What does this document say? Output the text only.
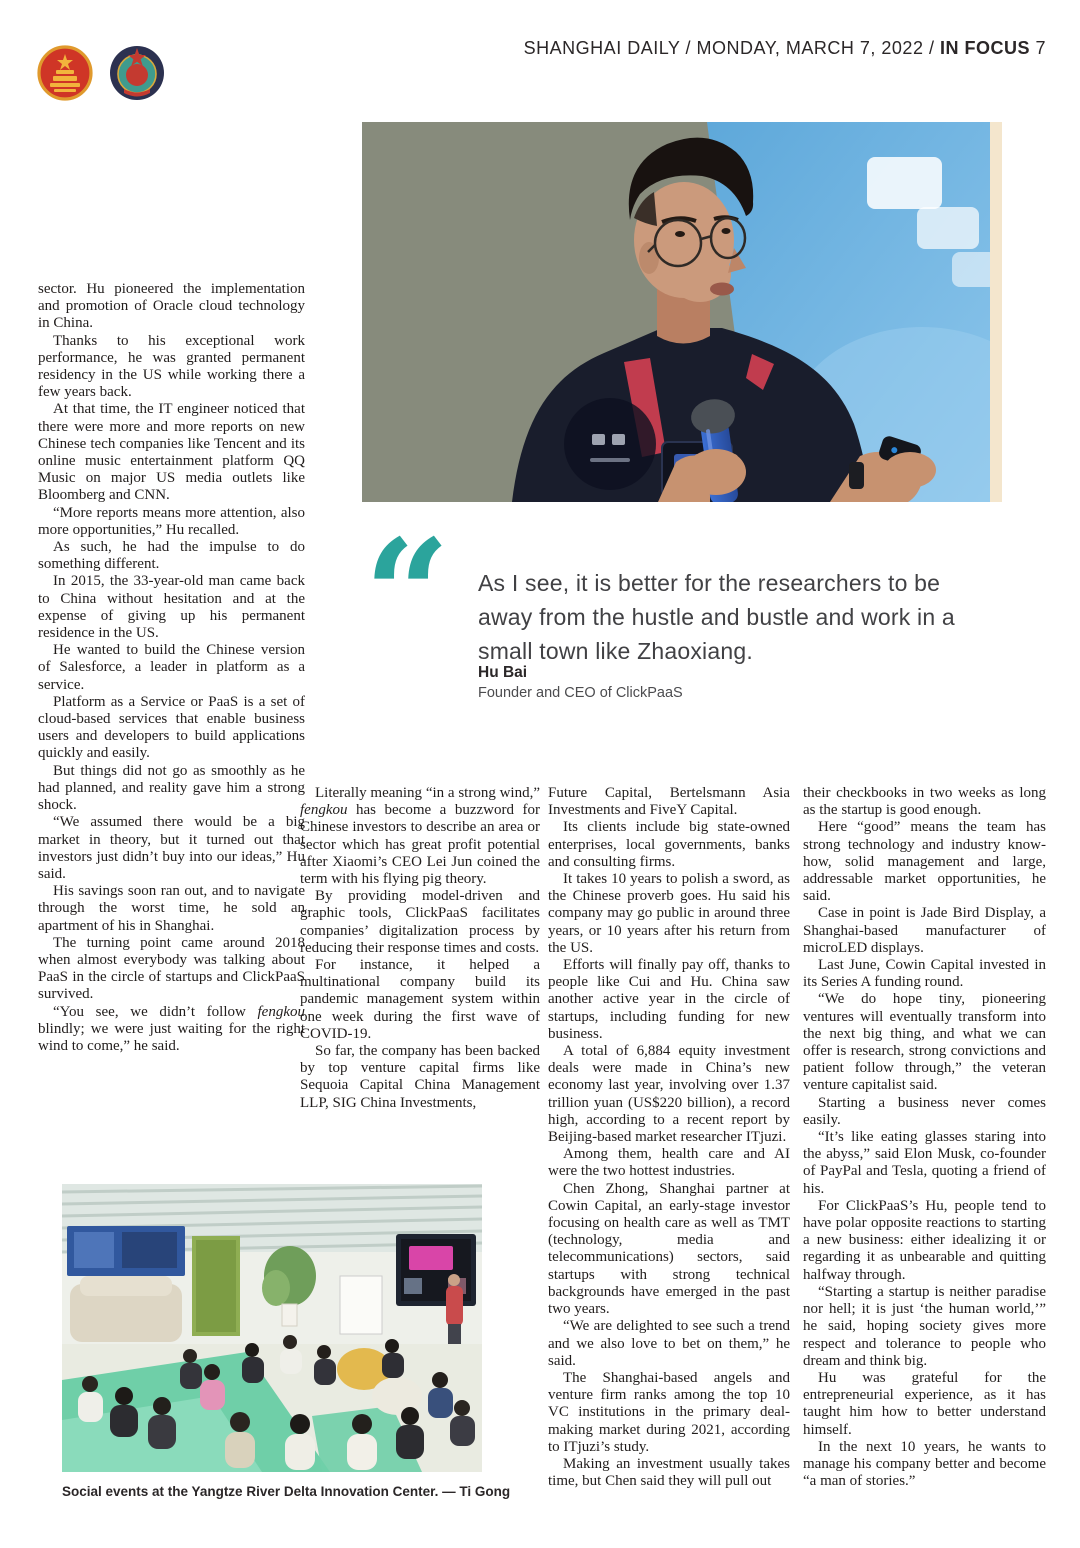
SHANGHAI DAILY / MONDAY, MARCH 7, 2022 / IN FOCUS 7
“ As I see, it is better for the researchers to be away from the hustle and bustle and work in a small town like Zhaoxiang.
Hu Bai
Founder and CEO of ClickPaaS

sector. Hu pioneered the implementation and promotion of Oracle cloud technology in China.

Thanks to his exceptional work performance, he was granted permanent residency in the US while working there a few years back.

At that time, the IT engineer noticed that there were more and more reports on new Chinese tech companies like Tencent and its online music entertainment platform QQ Music on major US media outlets like Bloomberg and CNN.

“More reports means more attention, also more opportunities,” Hu recalled.

As such, he had the impulse to do something different.

In 2015, the 33-year-old man came back to China without hesitation and at the expense of giving up his permanent residence in the US.

He wanted to build the Chinese version of Salesforce, a leader in platform as a service.

Platform as a Service or PaaS is a set of cloud-based services that enable business users and developers to build applications quickly and easily.

But things did not go as smoothly as he had planned, and reality gave him a strong shock.

“We assumed there would be a big market in theory, but it turned out that investors just didn’t buy into our ideas,” Hu said.

His savings soon ran out, and to navigate through the worst time, he sold an apartment of his in Shanghai.

The turning point came around 2018 when almost everybody was talking about PaaS in the circle of startups and ClickPaaS survived.

“You see, we didn’t follow fengkou blindly; we were just waiting for the right wind to come,” he said.

Literally meaning “in a strong wind,” fengkou has become a buzzword for Chinese investors to describe an area or sector which has great profit potential after Xiaomi’s CEO Lei Jun coined the term with his flying pig theory.

By providing model-driven and graphic tools, ClickPaaS facilitates companies’ digitalization process by reducing their response times and costs.

For instance, it helped a multinational company build its pandemic management system within one week during the first wave of COVID-19.

So far, the company has been backed by top venture capital firms like Sequoia Capital China Management LLP, SIG China Investments,

Future Capital, Bertelsmann Asia Investments and FiveY Capital.

Its clients include big state-owned enterprises, local governments, banks and consulting firms.

It takes 10 years to polish a sword, as the Chinese proverb goes. Hu said his company may go public in around three years, or 10 years after his return from the US.

Efforts will finally pay off, thanks to people like Cui and Hu. China saw another active year in the circle of startups, including funding for new business.

A total of 6,884 equity investment deals were made in China’s new economy last year, involving over 1.37 trillion yuan (US$220 billion), a record high, according to a recent report by Beijing-based market researcher ITjuzi.

Among them, health care and AI were the two hottest industries.

Chen Zhong, Shanghai partner at Cowin Capital, an early-stage investor focusing on health care as well as TMT (technology, media and telecommunications) sectors, said startups with strong technical backgrounds have emerged in the past two years.

“We are delighted to see such a trend and we also love to bet on them,” he said.

The Shanghai-based angels and venture firm ranks among the top 10 VC institutions in the primary deal-making market during 2021, according to ITjuzi’s study.

Making an investment usually takes time, but Chen said they will pull out

their checkbooks in two weeks as long as the startup is good enough.

Here “good” means the team has strong technology and industry know-how, solid management and large, addressable market opportunities, he said.

Case in point is Jade Bird Display, a Shanghai-based manufacturer of microLED displays.

Last June, Cowin Capital invested in its Series A funding round.

“We do hope tiny, pioneering ventures will eventually transform into the next big thing, and what we can offer is research, strong convictions and patient follow through,” the veteran venture capitalist said.

Starting a business never comes easily.

“It’s like eating glasses staring into the abyss,” said Elon Musk, co-founder of PayPal and Tesla, quoting a friend of his.

For ClickPaaS’s Hu, people tend to have polar opposite reactions to starting a new business: either idealizing it or regarding it as unbearable and quitting halfway through.

“Starting a startup is neither paradise nor hell; it is just ‘the human world,’” he said, hoping society gives more respect and tolerance to people who dream and think big.

Hu was grateful for the entrepreneurial experience, as it has taught him how to better understand himself.

In the next 10 years, he wants to manage his company better and become “a man of stories.”

Social events at the Yangtze River Delta Innovation Center. — Ti Gong
